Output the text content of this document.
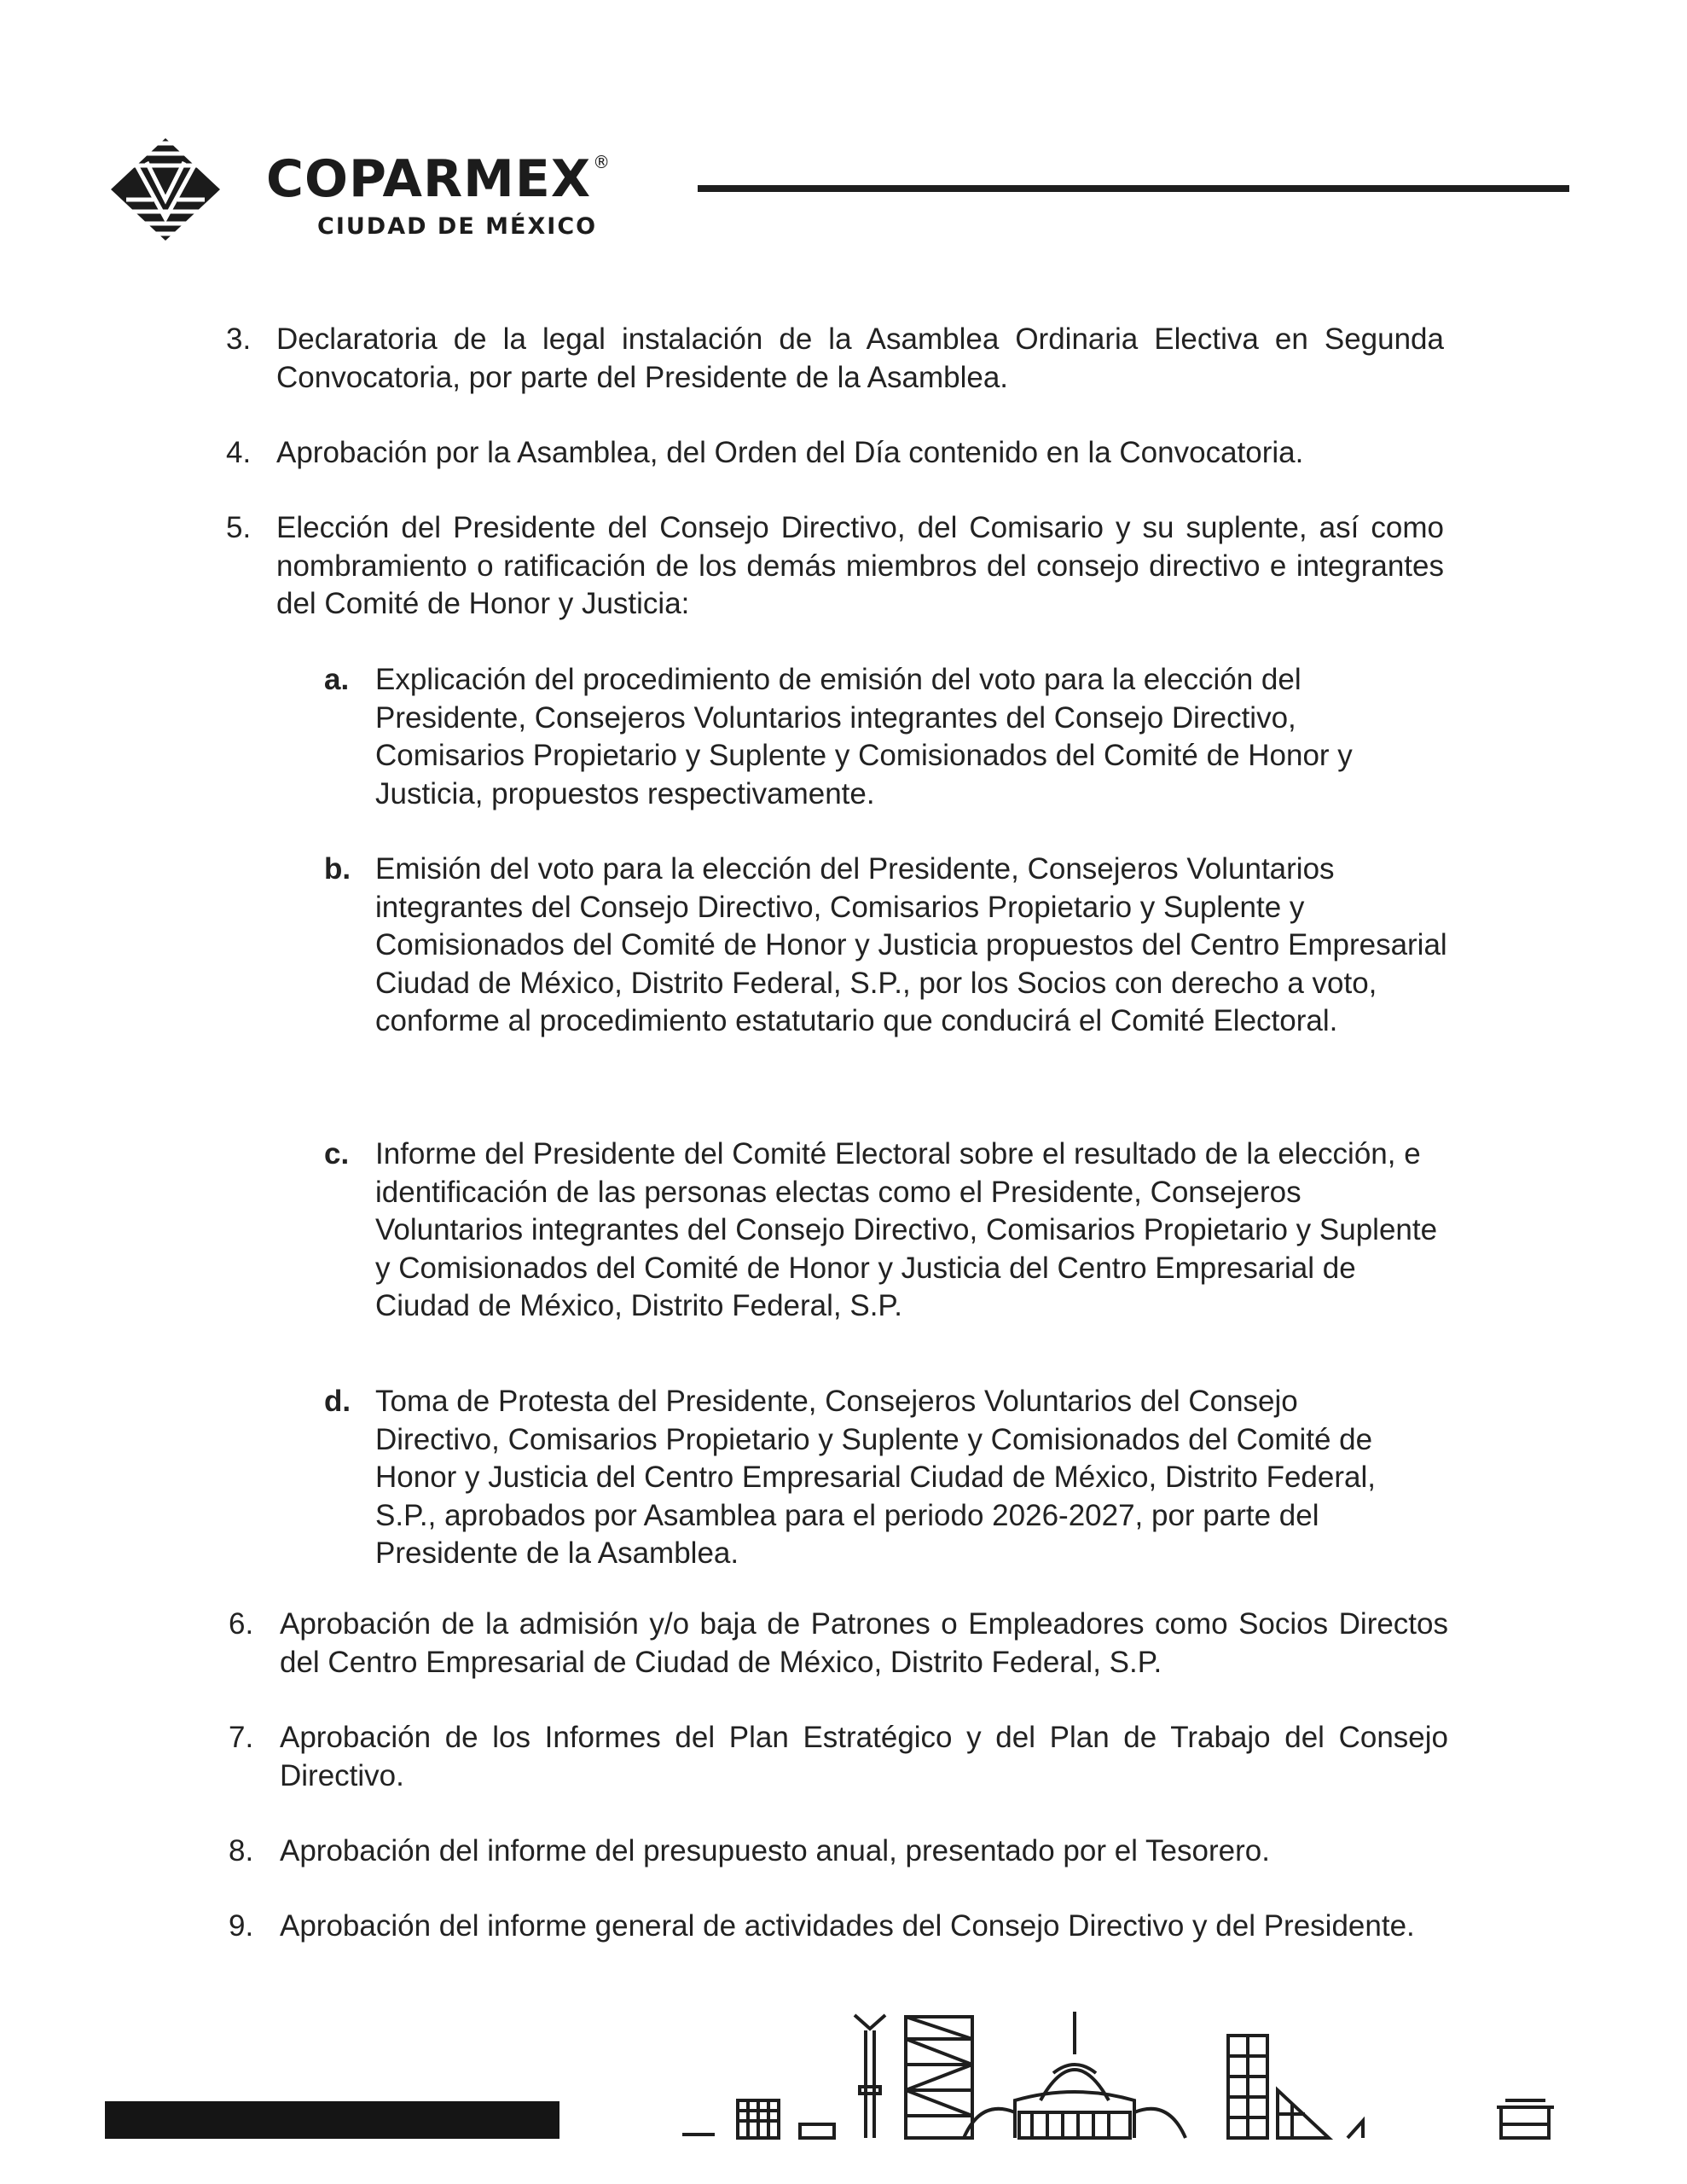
COPARMEX ®
CIUDAD DE MÉXICO
3. Declaratoria de la legal instalación de la Asamblea Ordinaria Electiva en Segunda Convocatoria, por parte del Presidente de la Asamblea.
4. Aprobación por la Asamblea, del Orden del Día contenido en la Convocatoria.
5. Elección del Presidente del Consejo Directivo, del Comisario y su suplente, así como nombramiento o ratificación de los demás miembros del consejo directivo e integrantes del Comité de Honor y Justicia:
a. Explicación del procedimiento de emisión del voto para la elección del Presidente, Consejeros Voluntarios integrantes del Consejo Directivo, Comisarios Propietario y Suplente y Comisionados del Comité de Honor y Justicia, propuestos respectivamente.
b. Emisión del voto para la elección del Presidente, Consejeros Voluntarios integrantes del Consejo Directivo, Comisarios Propietario y Suplente y Comisionados del Comité de Honor y Justicia propuestos del Centro Empresarial Ciudad de México, Distrito Federal, S.P., por los Socios con derecho a voto, conforme al procedimiento estatutario que conducirá el Comité Electoral.
c. Informe del Presidente del Comité Electoral sobre el resultado de la elección, e identificación de las personas electas como el Presidente, Consejeros Voluntarios integrantes del Consejo Directivo, Comisarios Propietario y Suplente y Comisionados del Comité de Honor y Justicia del Centro Empresarial de Ciudad de México, Distrito Federal, S.P.
d. Toma de Protesta del Presidente, Consejeros Voluntarios del Consejo Directivo, Comisarios Propietario y Suplente y Comisionados del Comité de Honor y Justicia del Centro Empresarial Ciudad de México, Distrito Federal, S.P., aprobados por Asamblea para el periodo 2026-2027, por parte del Presidente de la Asamblea.
6. Aprobación de la admisión y/o baja de Patrones o Empleadores como Socios Directos del Centro Empresarial de Ciudad de México, Distrito Federal, S.P.
7. Aprobación de los Informes del Plan Estratégico y del Plan de Trabajo del Consejo Directivo.
8. Aprobación del informe del presupuesto anual, presentado por el Tesorero.
9. Aprobación del informe general de actividades del Consejo Directivo y del Presidente.
